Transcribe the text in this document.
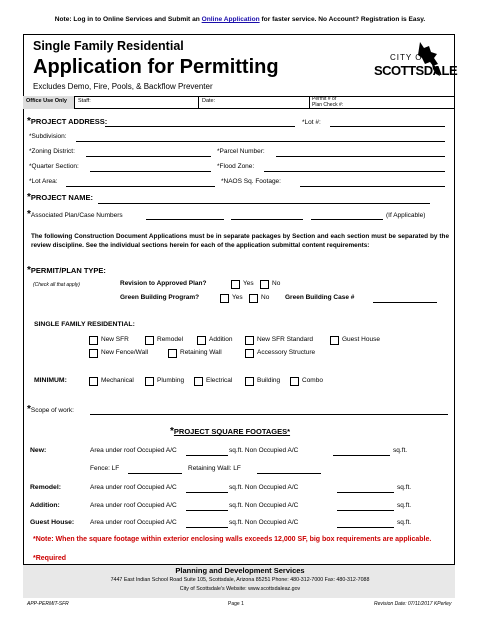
Note: Log in to Online Services and Submit an Online Application for faster service. No Account? Registration is Easy.
Single Family Residential
Application for Permitting
Excludes Demo, Fire, Pools, & Backflow Preventer
CITY OF
SCOTTSDALE
Office Use Only Staff:	Date:	Permit # or
Plan Check #:
*PROJECT ADDRESS:	*Lot #:
*Subdivision:
*Zoning District:	*Parcel Number:
*Quarter Section:	*Flood Zone:
*Lot Area:	*NAOS Sq. Footage:
*PROJECT NAME:
*Associated Plan/Case Numbers	(If Applicable)
The following Construction Document Applications must be in separate packages by Section and each section must be separated by the review discipline. See the individual sections herein for each of the application submittal content requirements:
*PERMIT/PLAN TYPE:
(Check all that apply)	Revision to Approved Plan?	Yes	No
Green Building Program?	Yes	No Green Building Case #
SINGLE FAMILY RESIDENTIAL:
New SFR	Remodel	Addition	New SFR Standard	Guest House
New Fence/Wall	Retaining Wall	Accessory Structure
MINIMUM:	Mechanical	Plumbing	Electrical	Building	Combo
*Scope of work:
*PROJECT SQUARE FOOTAGES*
New:	Area under roof Occupied A/C	sq.ft. Non Occupied A/C	sq.ft.
Fence: LF	Retaining Wall: LF
Remodel:	Area under roof Occupied A/C	sq.ft. Non Occupied A/C	sq.ft.
Addition:	Area under roof Occupied A/C	sq.ft. Non Occupied A/C	sq.ft.
Guest House: Area under roof Occupied A/C	sq.ft. Non Occupied A/C	sq.ft.
*Note: When the square footage within exterior enclosing walls exceeds 12,000 SF, big box requirements are applicable.
*Required
Planning and Development Services
7447 East Indian School Road Suite 105, Scottsdale, Arizona 85251 Phone: 480-312-7000 Fax: 480-312-7088
City of Scottsdale's Website: www.scottsdaleaz.gov
APP-PERMIT-SFR	Page 1	Revision Date: 07/11/2017 KPerley
